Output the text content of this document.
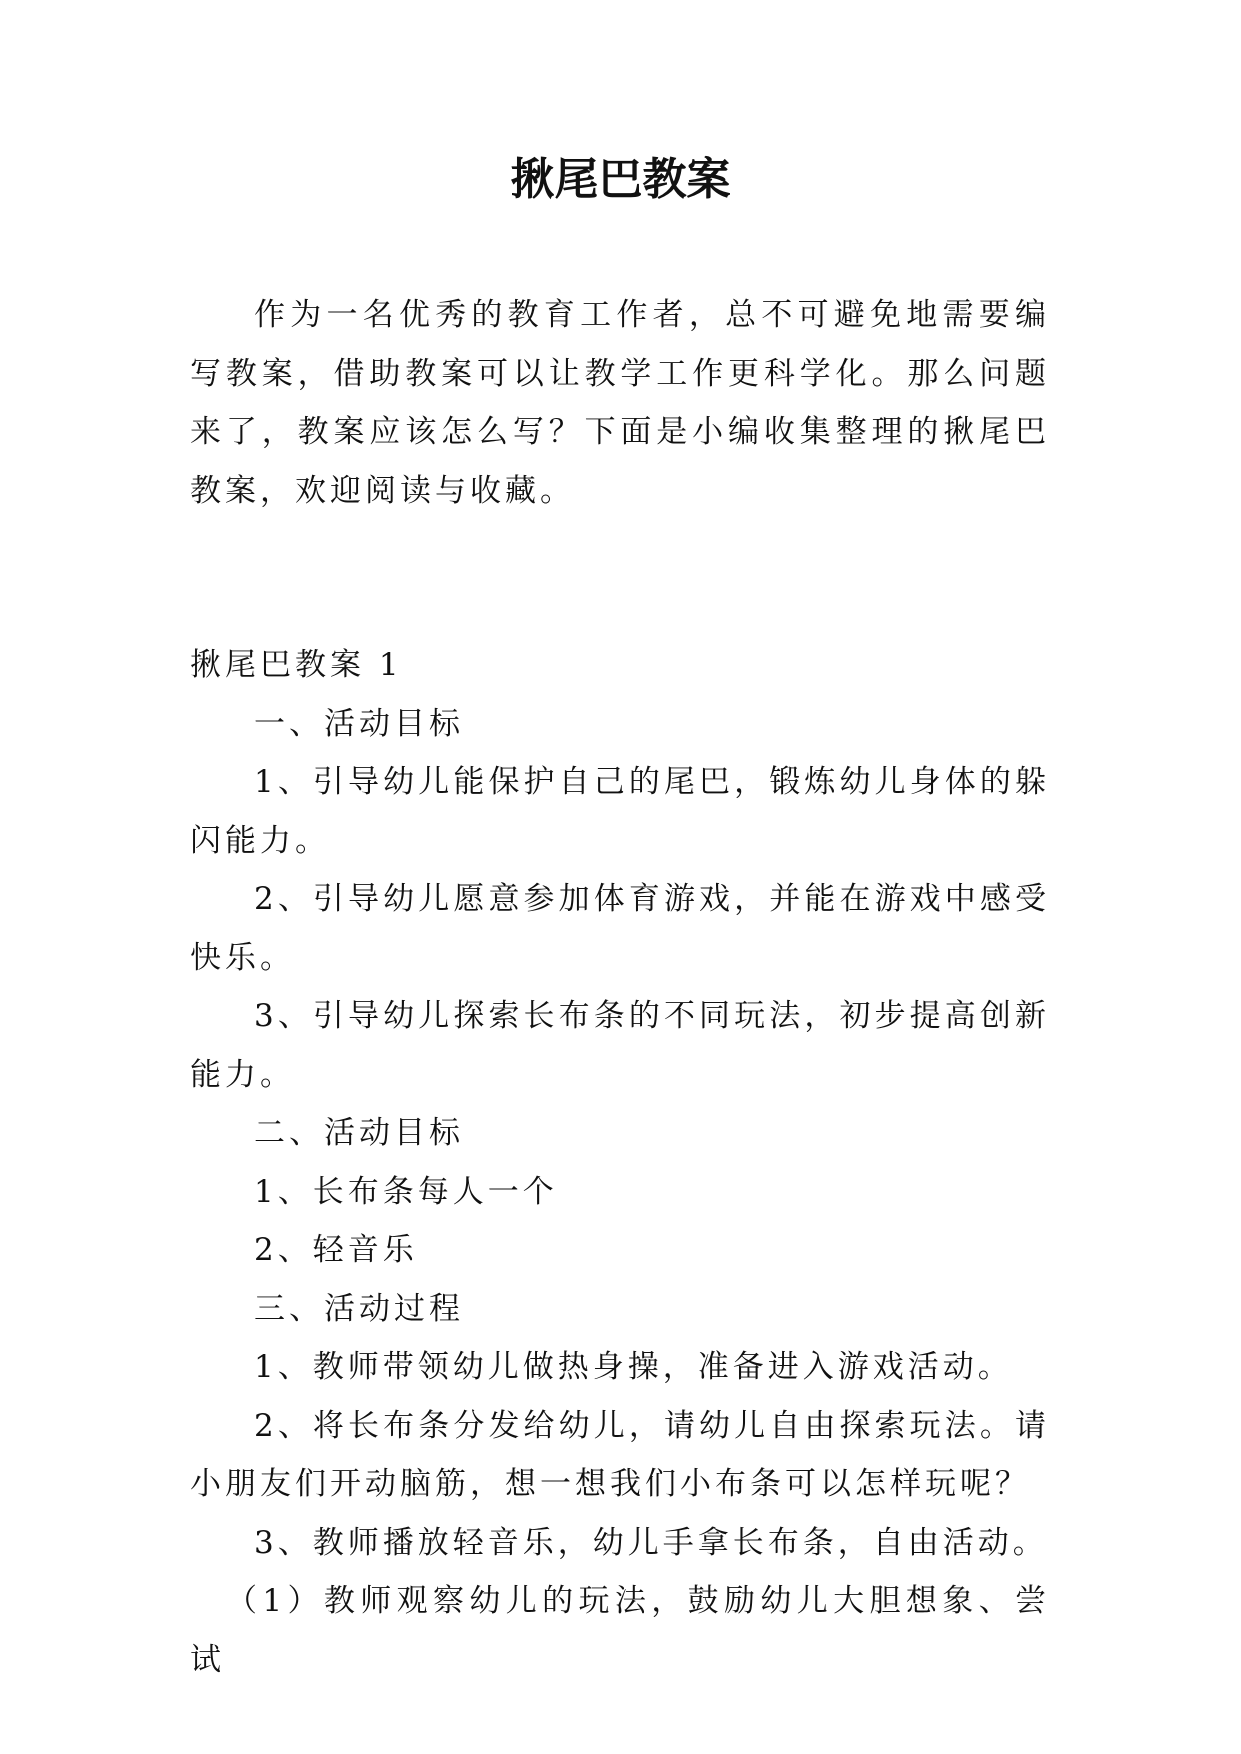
揪尾巴教案

作为一名优秀的教育工作者，总不可避免地需要编写教案，借助教案可以让教学工作更科学化。那么问题来了，教案应该怎么写？下面是小编收集整理的揪尾巴教案，欢迎阅读与收藏。

揪尾巴教案 1

一、活动目标

1、引导幼儿能保护自己的尾巴，锻炼幼儿身体的躲闪能力。

2、引导幼儿愿意参加体育游戏，并能在游戏中感受快乐。

3、引导幼儿探索长布条的不同玩法，初步提高创新能力。

二、活动目标

1、长布条每人一个

2、轻音乐

三、活动过程

1、教师带领幼儿做热身操，准备进入游戏活动。

2、将长布条分发给幼儿，请幼儿自由探索玩法。请小朋友们开动脑筋，想一想我们小布条可以怎样玩呢？

3、教师播放轻音乐，幼儿手拿长布条，自由活动。

（1）教师观察幼儿的玩法，鼓励幼儿大胆想象、尝试
